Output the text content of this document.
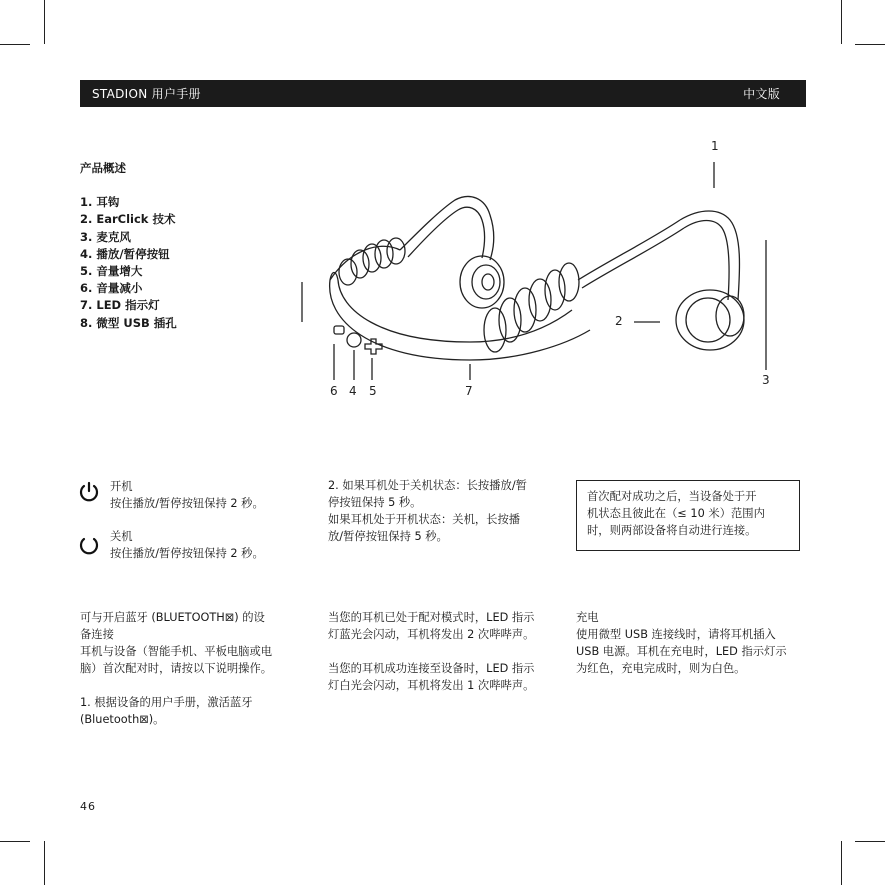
STADION 用户手册	中文版
产品概述
1. 耳钩
2. EarClick 技术
3. 麦克风
4. 播放/暂停按钮
5. 音量增大
6. 音量减小
7. LED 指示灯
8. 微型 USB 插孔
1
2
3
6 4 5	7
开机
按住播放/暂停按钮保持 2 秒。
关机
按住播放/暂停按钮保持 2 秒。
2. 如果耳机处于关机状态：长按播放/暂
停按钮保持 5 秒。
如果耳机处于开机状态：关机，长按播
放/暂停按钮保持 5 秒。
首次配对成功之后，当设备处于开
机状态且彼此在（≤ 10 米）范围内
时，则两部设备将自动进行连接。
可与开启蓝牙 (BLUETOOTH⊠) 的设
备连接
耳机与设备（智能手机、平板电脑或电
脑）首次配对时，请按以下说明操作。
1. 根据设备的用户手册，激活蓝牙
(Bluetooth⊠)。
当您的耳机已处于配对模式时，LED 指示
灯蓝光会闪动，耳机将发出 2 次哔哔声。
当您的耳机成功连接至设备时，LED 指示
灯白光会闪动，耳机将发出 1 次哔哔声。
充电
使用微型 USB 连接线时，请将耳机插入
USB 电源。耳机在充电时，LED 指示灯示
为红色，充电完成时，则为白色。
46
